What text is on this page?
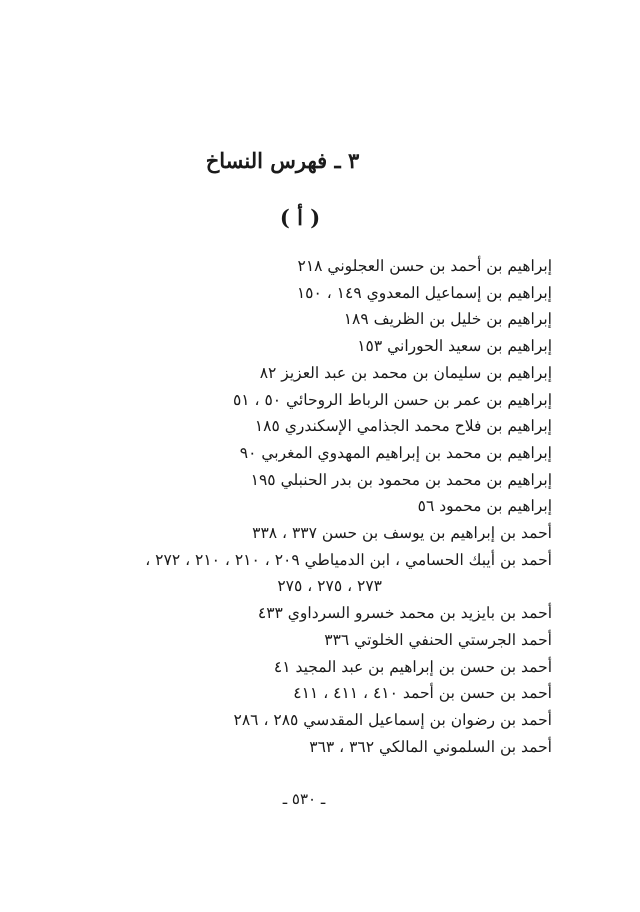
٣ ـ فهرس النساخ
( أ )
إبراهيم بن أحمد بن حسن العجلوني ٢١٨
إبراهيم بن إسماعيل المعدوي ١٤٩ ، ١٥٠
إبراهيم بن خليل بن الظريف ١٨٩
إبراهيم بن سعيد الحوراني ١٥٣
إبراهيم بن سليمان بن محمد بن عبد العزيز ٨٢
إبراهيم بن عمر بن حسن الرباط الروحائي ٥٠ ، ٥١
إبراهيم بن فلاح محمد الجذامي الإسكندري ١٨٥
إبراهيم بن محمد بن إبراهيم المهدوي المغربي ٩٠
إبراهيم بن محمد بن محمود بن بدر الحنبلي ١٩٥
إبراهيم بن محمود ٥٦
أحمد بن إبراهيم بن يوسف بن حسن ٣٣٧ ، ٣٣٨
أحمد بن أيبك الحسامي ، ابن الدمياطي ٢٠٩ ، ٢١٠ ، ٢١٠ ، ٢٧٢ ،
٢٧٣ ، ٢٧٥ ، ٢٧٥
أحمد بن بايزيد بن محمد خسرو السرداوي ٤٣٣
أحمد الجرستي الحنفي الخلوتي ٣٣٦
أحمد بن حسن بن إبراهيم بن عبد المجيد ٤١
أحمد بن حسن بن أحمد ٤١٠ ، ٤١١ ، ٤١١
أحمد بن رضوان بن إسماعيل المقدسي ٢٨٥ ، ٢٨٦
أحمد بن السلموني المالكي ٣٦٢ ، ٣٦٣
ـ ٥٣٠ ـ
